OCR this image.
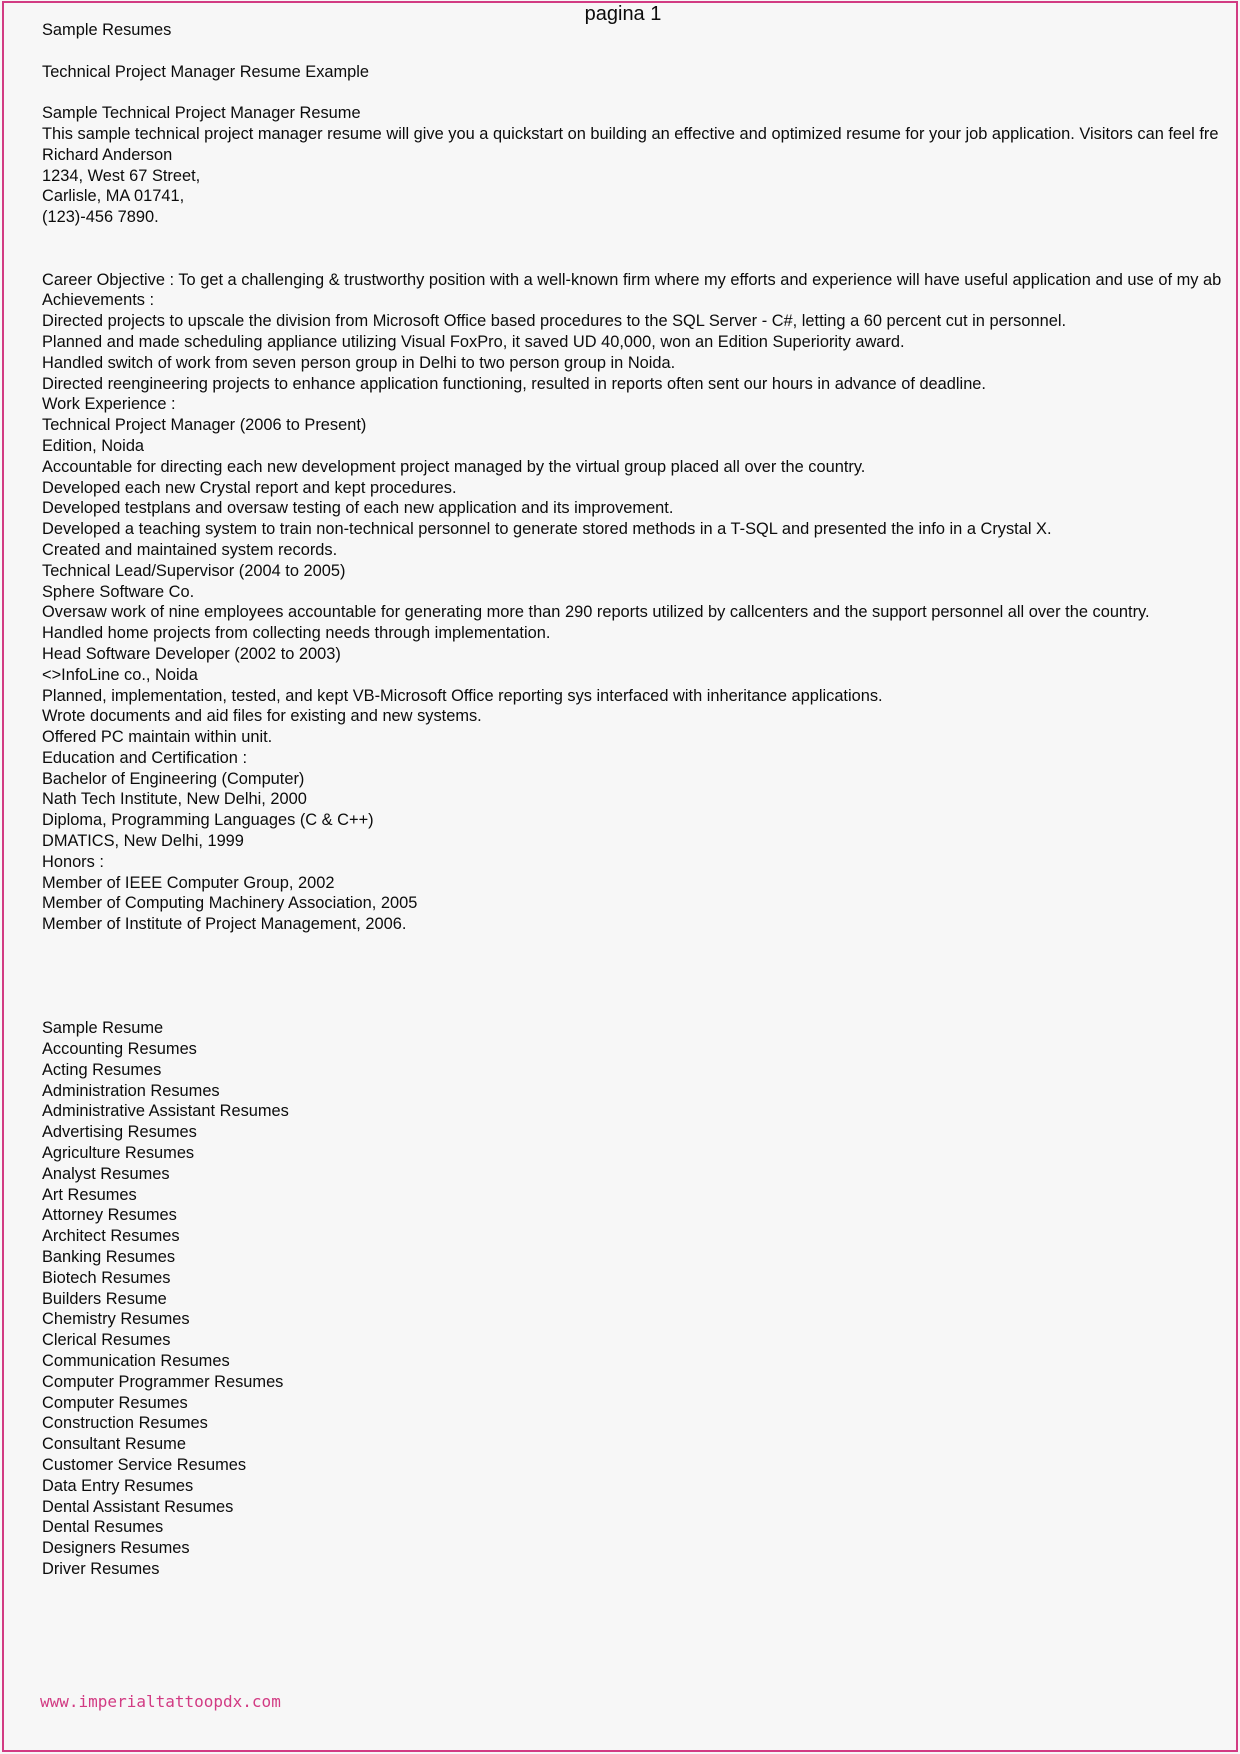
pagina 1
Sample Resumes
Technical Project Manager Resume Example
Sample Technical Project Manager Resume
This sample technical project manager resume will give you a quickstart on building an effective and optimized resume for your job application. Visitors can feel fre
Richard Anderson
1234, West 67 Street,
Carlisle, MA 01741,
(123)-456 7890.
Career Objective : To get a challenging & trustworthy position with a well-known firm where my efforts and experience will have useful application and use of my ab
Achievements :
Directed projects to upscale the division from Microsoft Office based procedures to the SQL Server - C#, letting a 60 percent cut in personnel.
Planned and made scheduling appliance utilizing Visual FoxPro, it saved UD 40,000, won an Edition Superiority award.
Handled switch of work from seven person group in Delhi to two person group in Noida.
Directed reengineering projects to enhance application functioning, resulted in reports often sent our hours in advance of deadline.
Work Experience :
Technical Project Manager (2006 to Present)
Edition, Noida
Accountable for directing each new development project managed by the virtual group placed all over the country.
Developed each new Crystal report and kept procedures.
Developed testplans and oversaw testing of each new application and its improvement.
Developed a teaching system to train non-technical personnel to generate stored methods in a T-SQL and presented the info in a Crystal X.
Created and maintained system records.
Technical Lead/Supervisor (2004 to 2005)
Sphere Software Co.
Oversaw work of nine employees accountable for generating more than 290 reports utilized by callcenters and the support personnel all over the country.
Handled home projects from collecting needs through implementation.
Head Software Developer (2002 to 2003)
<>InfoLine co., Noida
Planned, implementation, tested, and kept VB-Microsoft Office reporting sys interfaced with inheritance applications.
Wrote documents and aid files for existing and new systems.
Offered PC maintain within unit.
Education and Certification :
Bachelor of Engineering (Computer)
Nath Tech Institute, New Delhi, 2000
Diploma, Programming Languages (C & C++)
DMATICS, New Delhi, 1999
Honors :
Member of IEEE Computer Group, 2002
Member of Computing Machinery Association, 2005
Member of Institute of Project Management, 2006.
Sample Resume
Accounting Resumes
Acting Resumes
Administration Resumes
Administrative Assistant Resumes
Advertising Resumes
Agriculture Resumes
Analyst Resumes
Art Resumes
Attorney Resumes
Architect Resumes
Banking Resumes
Biotech Resumes
Builders Resume
Chemistry Resumes
Clerical Resumes
Communication Resumes
Computer Programmer Resumes
Computer Resumes
Construction Resumes
Consultant Resume
Customer Service Resumes
Data Entry Resumes
Dental Assistant Resumes
Dental Resumes
Designers Resumes
Driver Resumes
www.imperialtattoopdx.com
